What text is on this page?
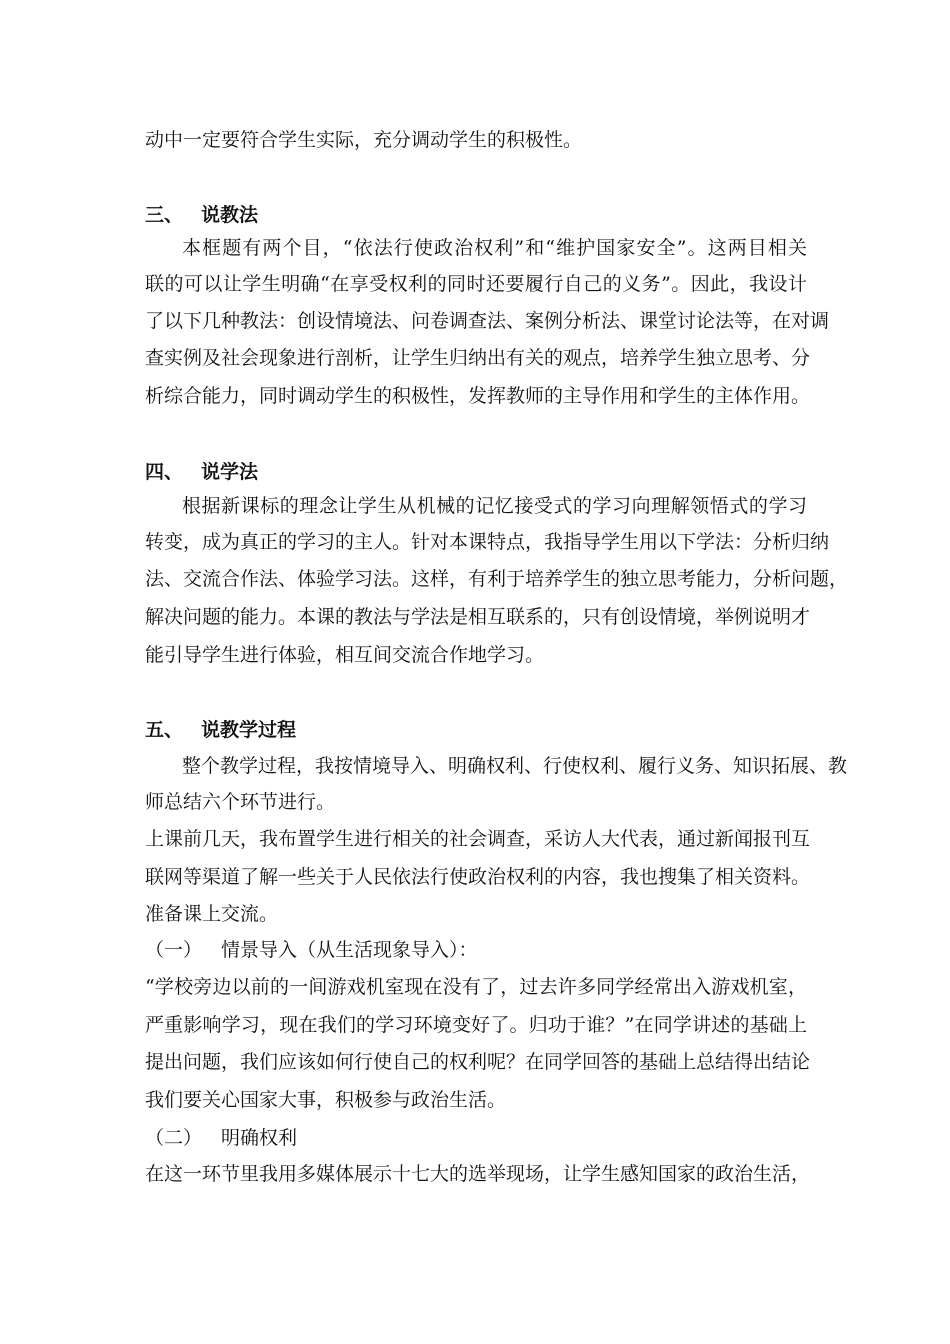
动中一定要符合学生实际，充分调动学生的积极性。
三、 说教法
本框题有两个目，“依法行使政治权利”和“维护国家安全”。这两目相关
联的可以让学生明确“在享受权利的同时还要履行自己的义务”。因此，我设计
了以下几种教法：创设情境法、问卷调查法、案例分析法、课堂讨论法等，在对调
查实例及社会现象进行剖析，让学生归纳出有关的观点，培养学生独立思考、分
析综合能力，同时调动学生的积极性，发挥教师的主导作用和学生的主体作用。
四、 说学法
根据新课标的理念让学生从机械的记忆接受式的学习向理解领悟式的学习
转变，成为真正的学习的主人。针对本课特点，我指导学生用以下学法：分析归纳
法、交流合作法、体验学习法。这样，有利于培养学生的独立思考能力，分析问题，
解决问题的能力。本课的教法与学法是相互联系的，只有创设情境，举例说明才
能引导学生进行体验，相互间交流合作地学习。
五、 说教学过程
整个教学过程，我按情境导入、明确权利、行使权利、履行义务、知识拓展、教
师总结六个环节进行。
上课前几天，我布置学生进行相关的社会调查，采访人大代表，通过新闻报刊互
联网等渠道了解一些关于人民依法行使政治权利的内容，我也搜集了相关资料。
准备课上交流。
（一） 情景导入（从生活现象导入）：
“学校旁边以前的一间游戏机室现在没有了，过去许多同学经常出入游戏机室，
严重影响学习，现在我们的学习环境变好了。归功于谁？”在同学讲述的基础上
提出问题，我们应该如何行使自己的权利呢？在同学回答的基础上总结得出结论
我们要关心国家大事，积极参与政治生活。
（二） 明确权利
在这一环节里我用多媒体展示十七大的选举现场，让学生感知国家的政治生活，
